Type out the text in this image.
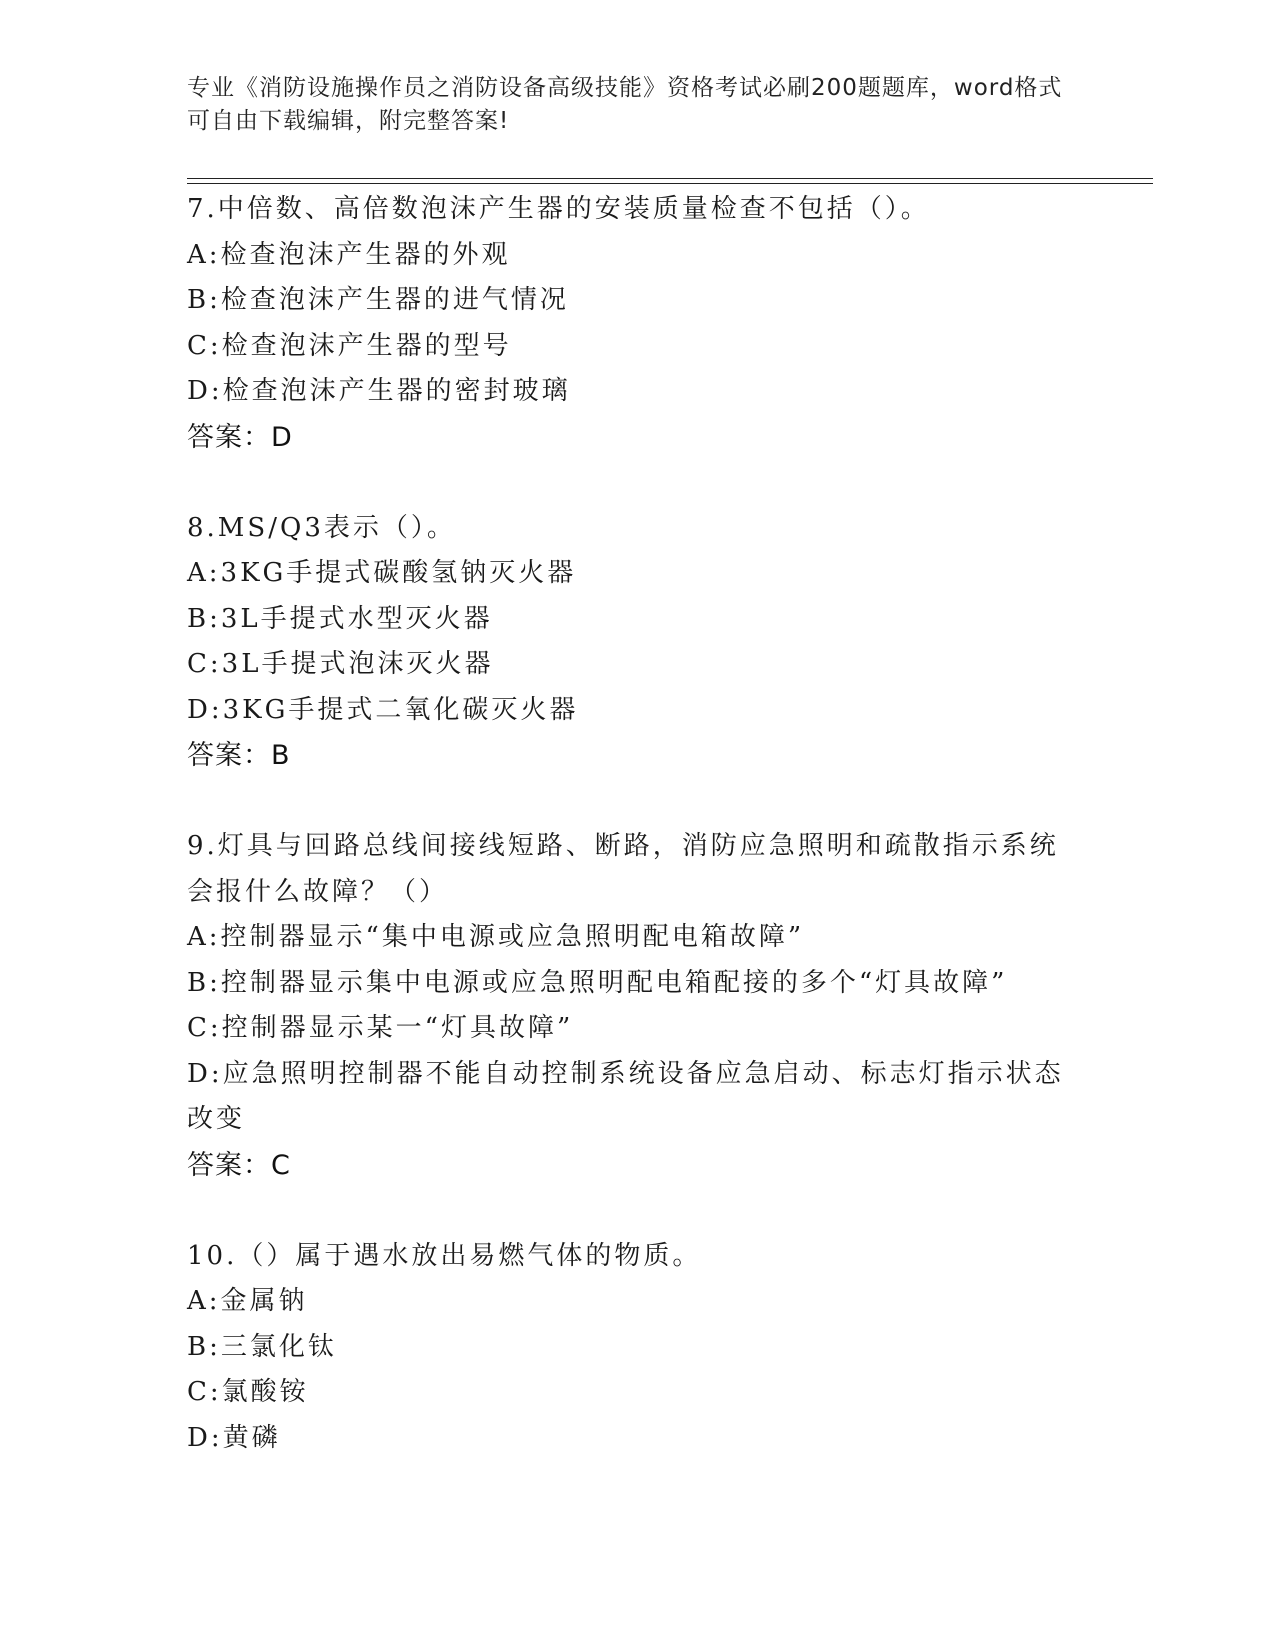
专业《消防设施操作员之消防设备高级技能》资格考试必刷200题题库，word格式可自由下载编辑，附完整答案!

7.中倍数、高倍数泡沫产生器的安装质量检查不包括（）。

A:检查泡沫产生器的外观

B:检查泡沫产生器的进气情况

C:检查泡沫产生器的型号

D:检查泡沫产生器的密封玻璃

答案：D

8.MS/Q3表示（）。

A:3KG手提式碳酸氢钠灭火器

B:3L手提式水型灭火器

C:3L手提式泡沫灭火器

D:3KG手提式二氧化碳灭火器

答案：B

9.灯具与回路总线间接线短路、断路，消防应急照明和疏散指示系统会报什么故障？（）

A:控制器显示“集中电源或应急照明配电箱故障”

B:控制器显示集中电源或应急照明配电箱配接的多个“灯具故障”

C:控制器显示某一“灯具故障”

D:应急照明控制器不能自动控制系统设备应急启动、标志灯指示状态改变

答案：C

10.（）属于遇水放出易燃气体的物质。

A:金属钠

B:三氯化钛

C:氯酸铵

D:黄磷
